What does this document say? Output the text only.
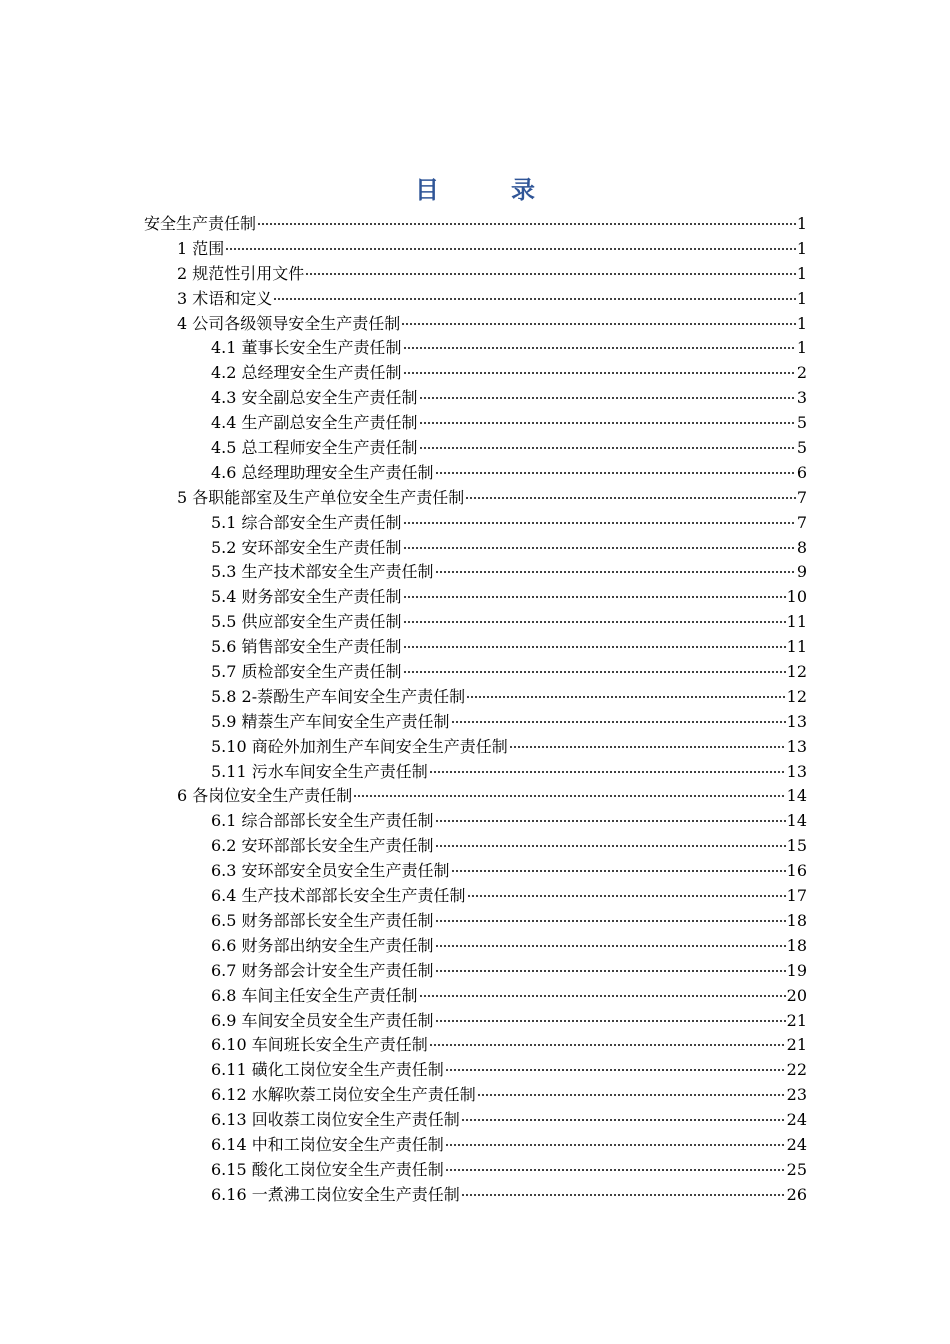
目　录
安全生产责任制	1
1 范围	1
2 规范性引用文件	1
3 术语和定义	1
4 公司各级领导安全生产责任制	1
4.1 董事长安全生产责任制	1
4.2 总经理安全生产责任制	2
4.3 安全副总安全生产责任制	3
4.4 生产副总安全生产责任制	5
4.5 总工程师安全生产责任制	5
4.6 总经理助理安全生产责任制	6
5 各职能部室及生产单位安全生产责任制	7
5.1 综合部安全生产责任制	7
5.2 安环部安全生产责任制	8
5.3 生产技术部安全生产责任制	9
5.4 财务部安全生产责任制	10
5.5 供应部安全生产责任制	11
5.6 销售部安全生产责任制	11
5.7 质检部安全生产责任制	12
5.8 2-萘酚生产车间安全生产责任制	12
5.9 精萘生产车间安全生产责任制	13
5.10 商砼外加剂生产车间安全生产责任制	13
5.11 污水车间安全生产责任制	13
6 各岗位安全生产责任制	14
6.1 综合部部长安全生产责任制	14
6.2 安环部部长安全生产责任制	15
6.3 安环部安全员安全生产责任制	16
6.4 生产技术部部长安全生产责任制	17
6.5 财务部部长安全生产责任制	18
6.6 财务部出纳安全生产责任制	18
6.7 财务部会计安全生产责任制	19
6.8 车间主任安全生产责任制	20
6.9 车间安全员安全生产责任制	21
6.10 车间班长安全生产责任制	21
6.11 磺化工岗位安全生产责任制	22
6.12 水解吹萘工岗位安全生产责任制	23
6.13 回收萘工岗位安全生产责任制	24
6.14 中和工岗位安全生产责任制	24
6.15 酸化工岗位安全生产责任制	25
6.16 一煮沸工岗位安全生产责任制	26
